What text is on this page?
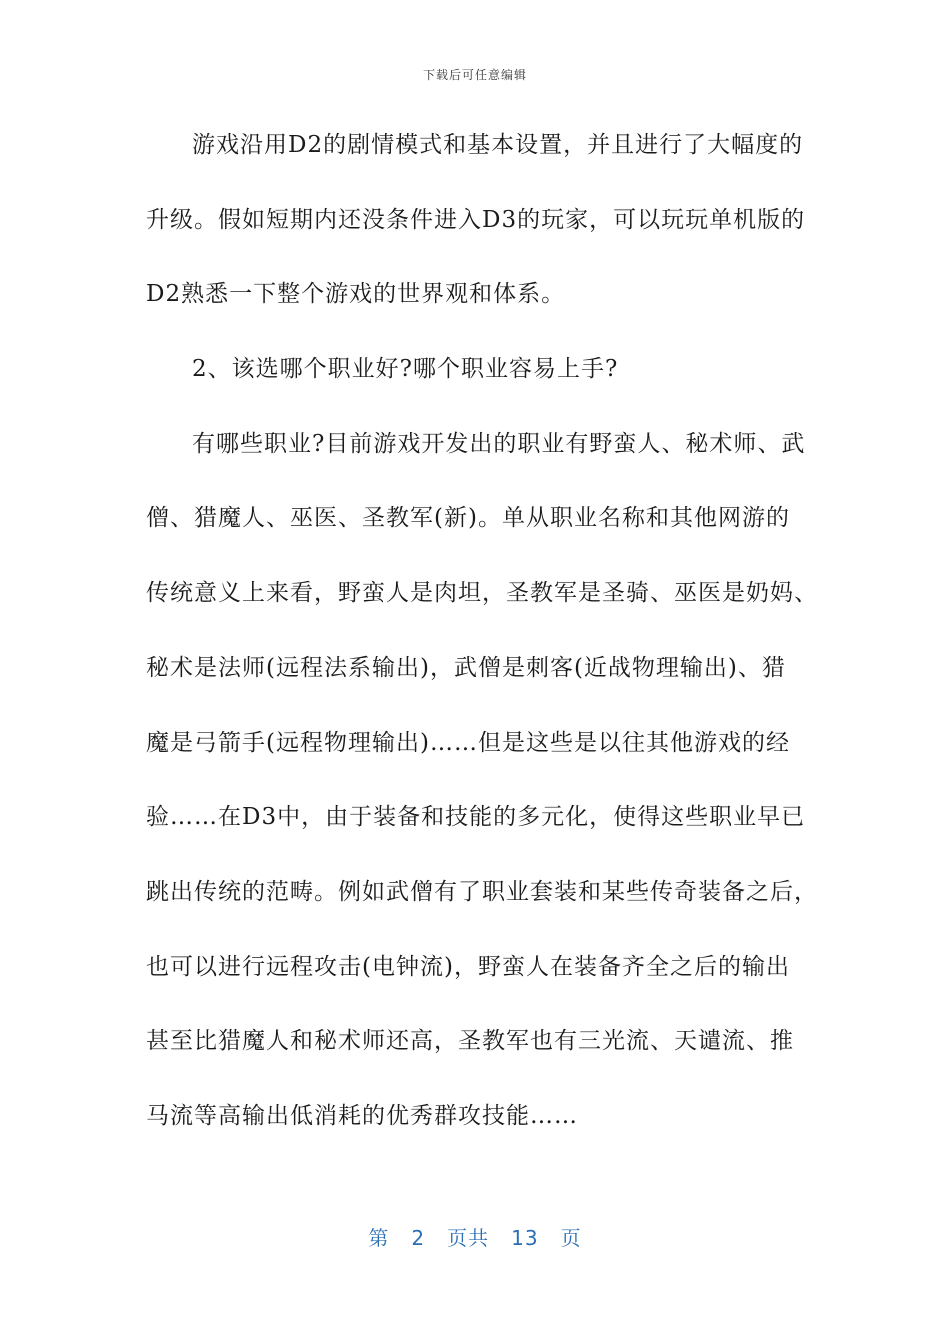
下载后可任意编辑
游戏沿用D2的剧情模式和基本设置，并且进行了大幅度的
升级。假如短期内还没条件进入D3的玩家，可以玩玩单机版的
D2熟悉一下整个游戏的世界观和体系。
2、该选哪个职业好?哪个职业容易上手?
有哪些职业?目前游戏开发出的职业有野蛮人、秘术师、武
僧、猎魔人、巫医、圣教军(新)。单从职业名称和其他网游的
传统意义上来看，野蛮人是肉坦，圣教军是圣骑、巫医是奶妈、
秘术是法师(远程法系输出)，武僧是刺客(近战物理输出)、猎
魔是弓箭手(远程物理输出)……但是这些是以往其他游戏的经
验……在D3中，由于装备和技能的多元化，使得这些职业早已
跳出传统的范畴。例如武僧有了职业套装和某些传奇装备之后，
也可以进行远程攻击(电钟流)，野蛮人在装备齐全之后的输出
甚至比猎魔人和秘术师还高，圣教军也有三光流、天谴流、推
马流等高输出低消耗的优秀群攻技能……
第 2 页共 13 页
